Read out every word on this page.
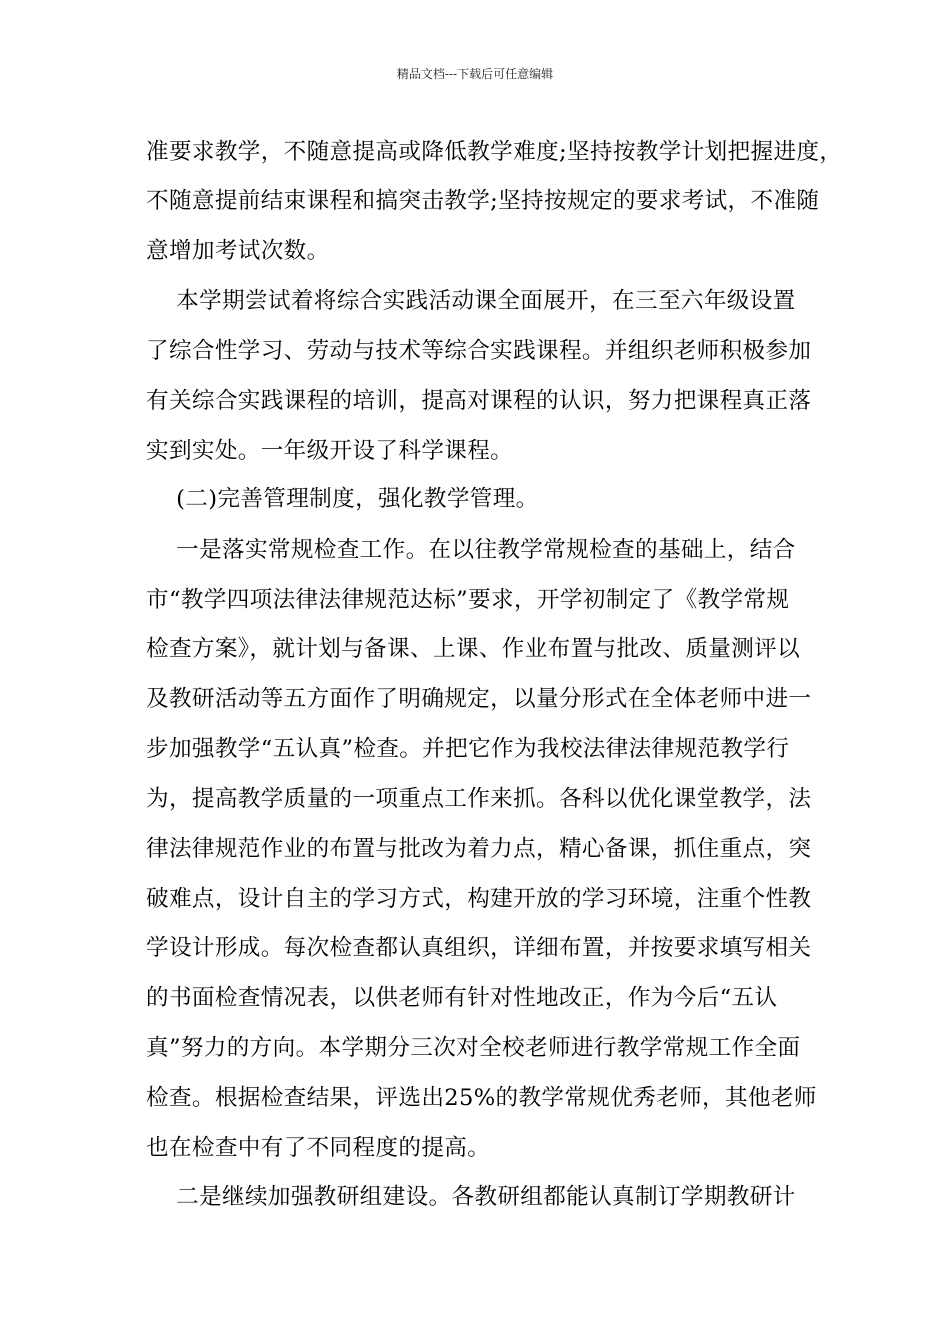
精品文档---下载后可任意编辑
准要求教学，不随意提高或降低教学难度;坚持按教学计划把握进度，
不随意提前结束课程和搞突击教学;坚持按规定的要求考试，不准随
意增加考试次数。
本学期尝试着将综合实践活动课全面展开，在三至六年级设置
了综合性学习、劳动与技术等综合实践课程。并组织老师积极参加
有关综合实践课程的培训，提高对课程的认识，努力把课程真正落
实到实处。一年级开设了科学课程。
(二)完善管理制度，强化教学管理。
一是落实常规检查工作。在以往教学常规检查的基础上，结合
市“教学四项法律法律规范达标”要求，开学初制定了《教学常规
检查方案》，就计划与备课、上课、作业布置与批改、质量测评以
及教研活动等五方面作了明确规定，以量分形式在全体老师中进一
步加强教学“五认真”检查。并把它作为我校法律法律规范教学行
为，提高教学质量的一项重点工作来抓。各科以优化课堂教学，法
律法律规范作业的布置与批改为着力点，精心备课，抓住重点，突
破难点，设计自主的学习方式，构建开放的学习环境，注重个性教
学设计形成。每次检查都认真组织，详细布置，并按要求填写相关
的书面检查情况表，以供老师有针对性地改正，作为今后“五认
真”努力的方向。本学期分三次对全校老师进行教学常规工作全面
检查。根据检查结果，评选出25%的教学常规优秀老师，其他老师
也在检查中有了不同程度的提高。
二是继续加强教研组建设。各教研组都能认真制订学期教研计
